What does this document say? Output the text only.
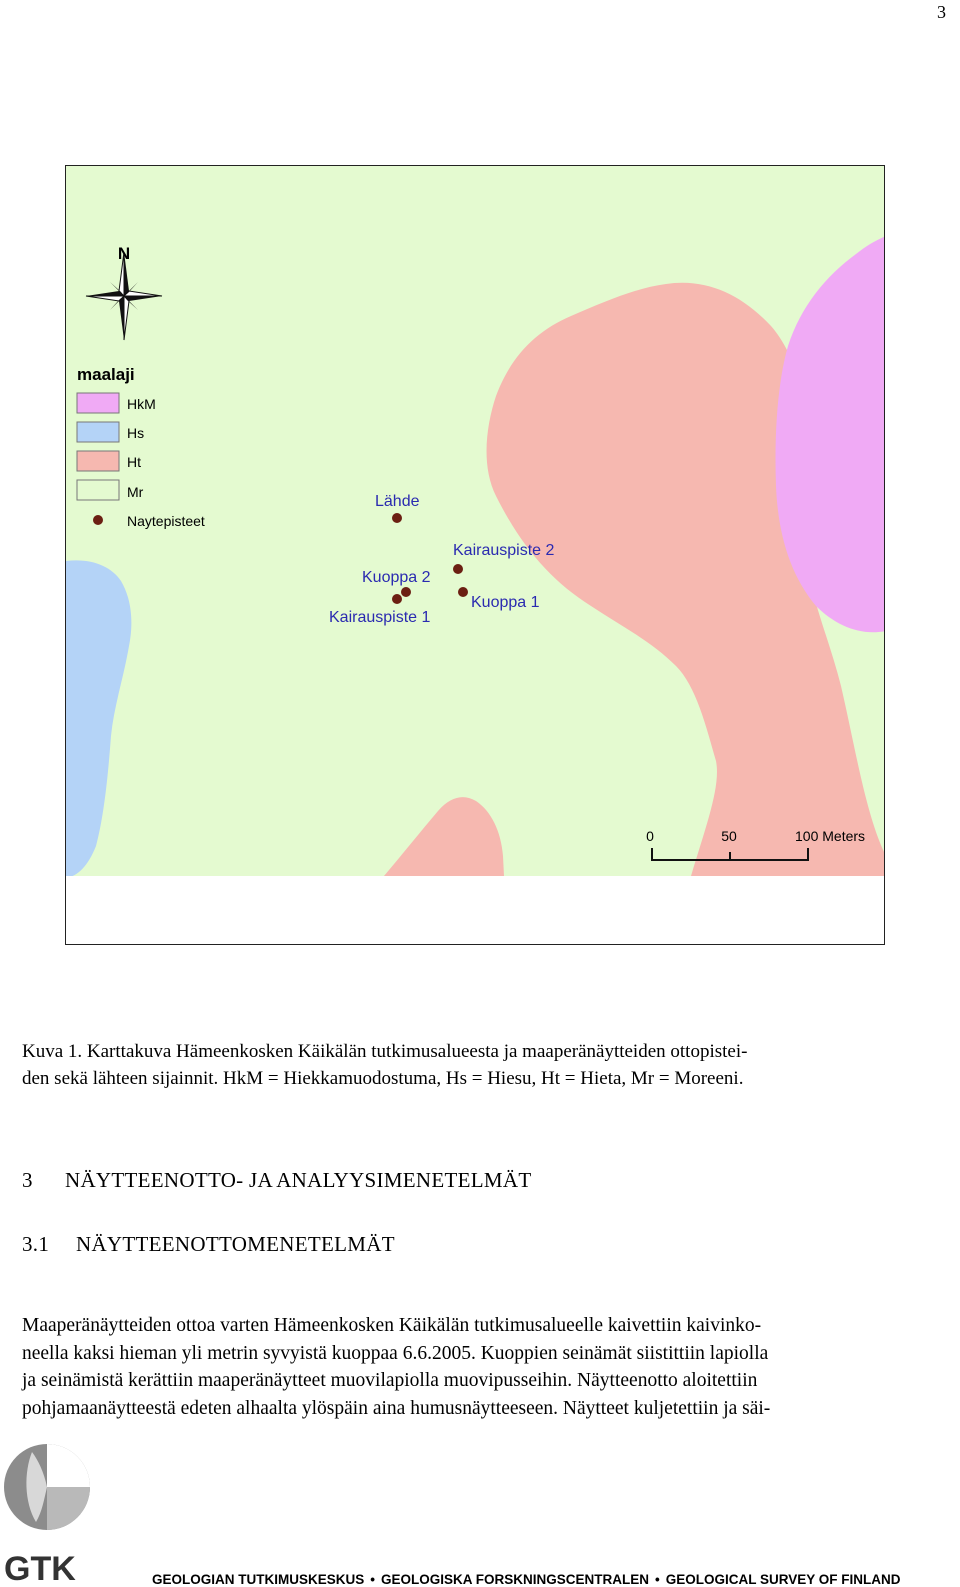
3
N
maalaji
HkM
Hs
Ht
Mr
Naytepisteet
Lähde
Kairauspiste 2
Kuoppa 2
Kuoppa 1
Kairauspiste 1
0	50	100 Meters
Kuva 1. Karttakuva Hämeenkosken Käikälän tutkimusalueesta ja maaperänäytteiden ottopistei-
den sekä lähteen sijainnit. HkM = Hiekkamuodostuma, Hs = Hiesu, Ht = Hieta, Mr = Moreeni.
3 NÄYTTEENOTTO- JA ANALYYSIMENETELMÄT
3.1 NÄYTTEENOTTOMENETELMÄT
Maaperänäytteiden ottoa varten Hämeenkosken Käikälän tutkimusalueelle kaivettiin kaivinko-
neella kaksi hieman yli metrin syvyistä kuoppaa 6.6.2005. Kuoppien seinämät siistittiin lapiolla
ja seinämistä kerättiin maaperänäytteet muovilapiolla muovipusseihin. Näytteenotto aloitettiin
pohjamaanäytteestä edeten alhaalta ylöspäin aina humusnäytteeseen. Näytteet kuljetettiin ja säi-
GTK	GEOLOGIAN TUTKIMUSKESKUS • GEOLOGISKA FORSKNINGSCENTRALEN • GEOLOGICAL SURVEY OF FINLAND
